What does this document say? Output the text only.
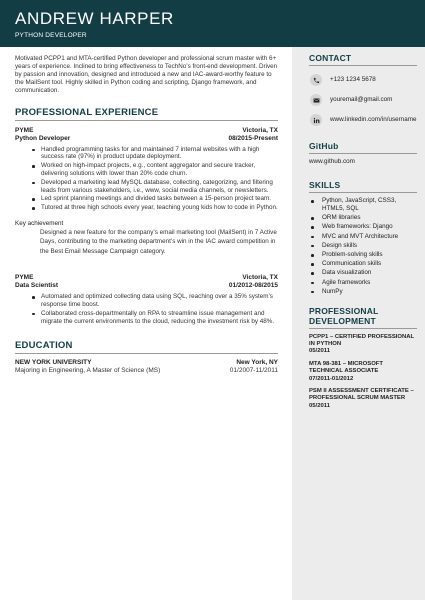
ANDREW HARPER
PYTHON DEVELOPER

Motivated PCPP1 and MTA-certified Python developer and professional scrum master with 6+ years of experience. Inclined to bring effectiveness to TechNo’s front-end development. Driven by passion and innovation, designed and introduced a new and IAC-award-worthy feature to the MailSent tool. Highly skilled in Python coding and scripting, Django framework, and communication.

PROFESSIONAL EXPERIENCE
PYME	Victoria, TX
Python Developer	08/2015-Present
Handled programming tasks for and maintained 7 internal websites with a high success rate (97%) in product update deployment.
Worked on high-impact projects, e.g., content aggregator and secure tracker, delivering solutions with lower than 20% code churn.
Developed a marketing lead MySQL database, collecting, categorizing, and filtering leads from various stakeholders, i.e., www, social media channels, or newsletters.
Led sprint planning meetings and divided tasks between a 15-person project team.
Tutored at three high schools every year, teaching young kids how to code in Python.
Key achievement
Designed a new feature for the company’s email marketing tool (MailSent) in 7 Active Days, contributing to the marketing department’s win in the IAC award competition in the Best Email Message Campaign category.
PYME	Victoria, TX
Data Scientist	01/2012-08/2015
Automated and optimized collecting data using SQL, reaching over a 35% system’s response time boost.
Collaborated cross-departmentally on RPA to streamline issue management and migrate the current environments to the cloud, reducing the investment risk by 48%.
EDUCATION
NEW YORK UNIVERSITY	New York, NY
Majoring in Engineering, A Master of Science (MS)	01/2007-11/2011
CONTACT
+123 1234 5678
youremail@gmail.com
www.linkedin.com/in/username
GitHub
www.github.com
SKILLS
Python, JavaScript, CSS3, HTML5, SQL
ORM libraries
Web frameworks: Django
MVC and MVT Architecture
Design skills
Problem-solving skills
Communication skills
Data visualization
Agile frameworks
NumPy
PROFESSIONAL DEVELOPMENT
PCPP1 – CERTIFIED PROFESSIONAL IN PYTHON
05/2011
MTA 98-381 – MICROSOFT TECHNICAL ASSOCIATE
07/2011-01/2012
PSM II ASSESSMENT CERTIFICATE – PROFESSIONAL SCRUM MASTER
05/2011
